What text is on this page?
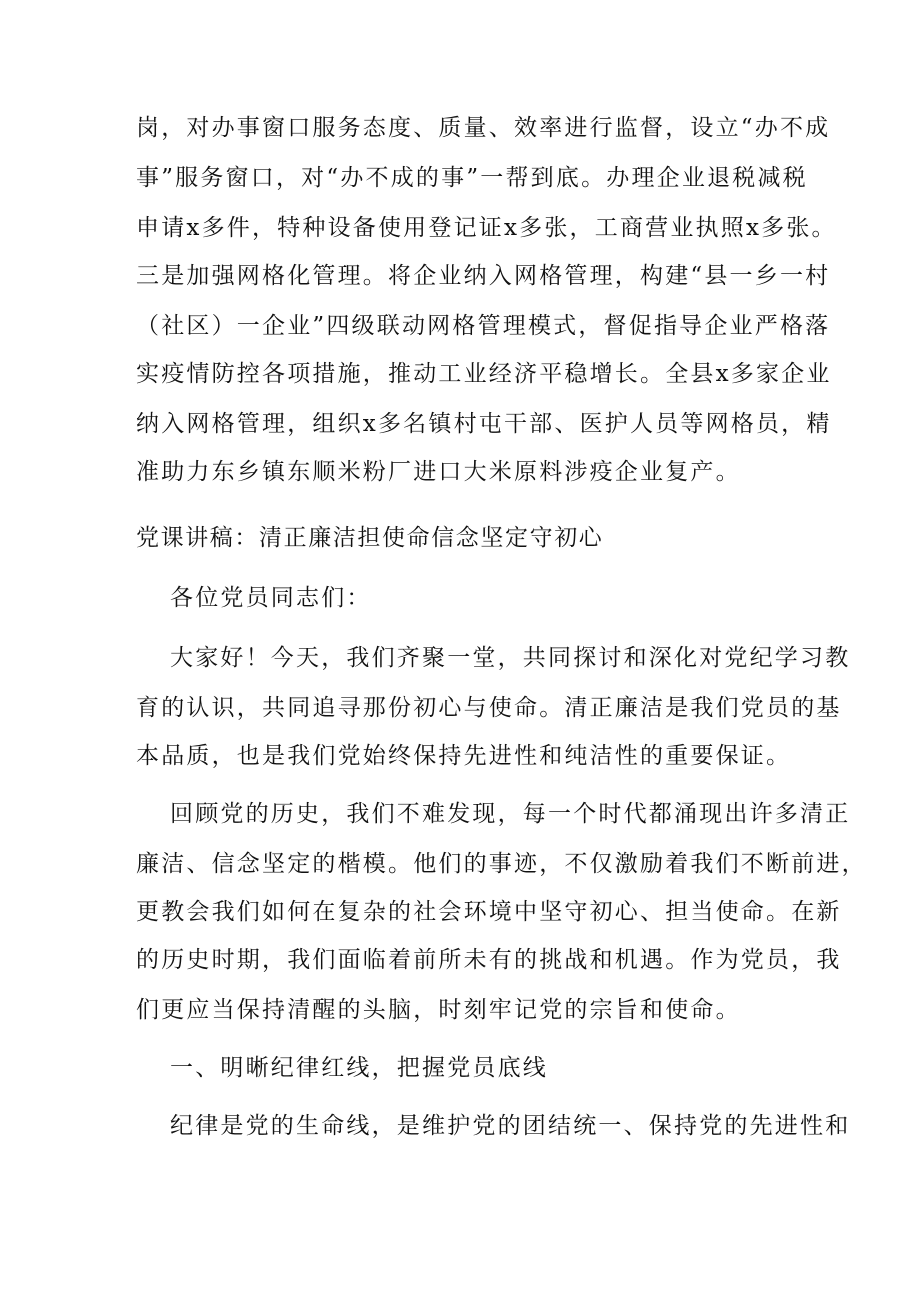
岗，对办事窗口服务态度、质量、效率进行监督，设立“办不成
事”服务窗口，对“办不成的事”一帮到底。办理企业退税减税
申请x多件，特种设备使用登记证x多张，工商营业执照x多张。
三是加强网格化管理。将企业纳入网格管理，构建“县一乡一村
（社区）一企业”四级联动网格管理模式，督促指导企业严格落
实疫情防控各项措施，推动工业经济平稳增长。全县x多家企业
纳入网格管理，组织x多名镇村屯干部、医护人员等网格员，精
准助力东乡镇东顺米粉厂进口大米原料涉疫企业复产。
党课讲稿：清正廉洁担使命信念坚定守初心
各位党员同志们：
大家好！今天，我们齐聚一堂，共同探讨和深化对党纪学习教
育的认识，共同追寻那份初心与使命。清正廉洁是我们党员的基
本品质，也是我们党始终保持先进性和纯洁性的重要保证。
回顾党的历史，我们不难发现，每一个时代都涌现出许多清正
廉洁、信念坚定的楷模。他们的事迹，不仅激励着我们不断前进，
更教会我们如何在复杂的社会环境中坚守初心、担当使命。在新
的历史时期，我们面临着前所未有的挑战和机遇。作为党员，我
们更应当保持清醒的头脑，时刻牢记党的宗旨和使命。
一、明晰纪律红线，把握党员底线
纪律是党的生命线，是维护党的团结统一、保持党的先进性和
